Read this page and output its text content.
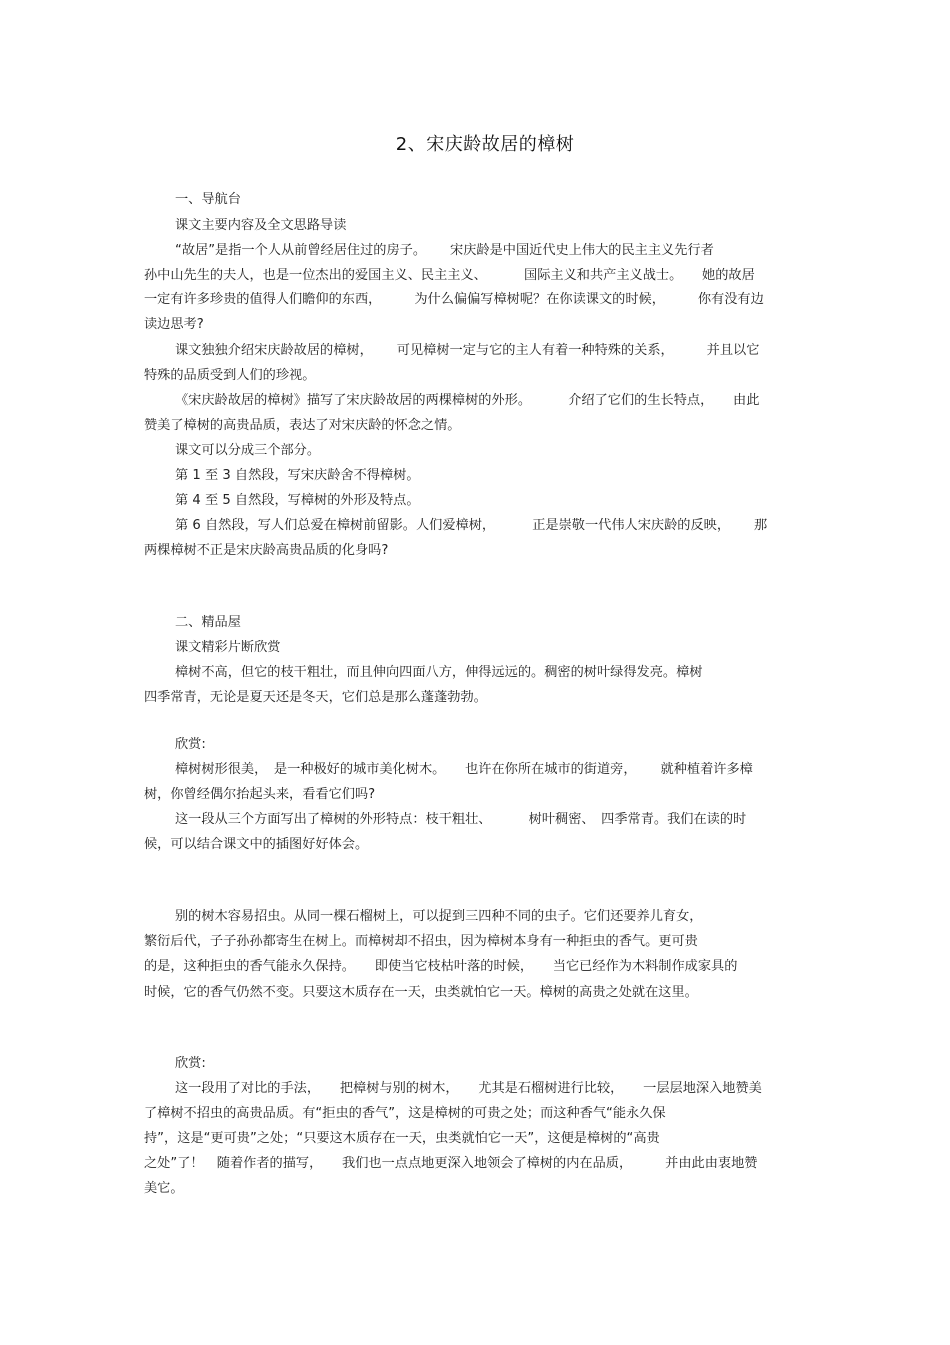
2、宋庆龄故居的樟树
一、导航台
课文主要内容及全文思路导读
“故居”是指一个人从前曾经居住过的房子。　　 宋庆龄是中国近代史上伟大的民主主义先行者
孙中山先生的夫人，也是一位杰出的爱国主义、民主主义、　　　 国际主义和共产主义战士。　　她的故居
一定有许多珍贵的值得人们瞻仰的东西，　　　为什么偏偏写樟树呢？在你读课文的时候，　　　你有没有边
读边思考?
课文独独介绍宋庆龄故居的樟树，　　 可见樟树一定与它的主人有着一种特殊的关系，　　　并且以它
特殊的品质受到人们的珍视。
《宋庆龄故居的樟树》描写了宋庆龄故居的两棵樟树的外形。　　　 介绍了它们的生长特点，　　由此
赞美了樟树的高贵品质，表达了对宋庆龄的怀念之情。
课文可以分成三个部分。
第 1 至 3 自然段，写宋庆龄舍不得樟树。
第 4 至 5 自然段，写樟树的外形及特点。
第 6 自然段，写人们总爱在樟树前留影。人们爱樟树，　　　 正是崇敬一代伟人宋庆龄的反映，　　 那
两棵樟树不正是宋庆龄高贵品质的化身吗?
二、精品屋
课文精彩片断欣赏
樟树不高，但它的枝干粗壮，而且伸向四面八方，伸得远远的。稠密的树叶绿得发亮。樟树
四季常青，无论是夏天还是冬天，它们总是那么蓬蓬勃勃。
欣赏:
樟树树形很美，　是一种极好的城市美化树木。　　也许在你所在城市的街道旁，　　 就种植着许多樟
树，你曾经偶尔抬起头来，看看它们吗?
这一段从三个方面写出了樟树的外形特点：枝干粗壮、　　　 树叶稠密、　四季常青。我们在读的时
候，可以结合课文中的插图好好体会。
别的树木容易招虫。从同一棵石榴树上，可以捉到三四种不同的虫子。它们还要养儿育女，
繁衍后代，子子孙孙都寄生在树上。而樟树却不招虫，因为樟树本身有一种拒虫的香气。更可贵
的是，这种拒虫的香气能永久保持。　　即使当它枝枯叶落的时候，　　当它已经作为木料制作成家具的
时候，它的香气仍然不变。只要这木质存在一天，虫类就怕它一天。樟树的高贵之处就在这里。
欣赏:
这一段用了对比的手法，　　把樟树与别的树木，　　尤其是石榴树进行比较，　　一层层地深入地赞美
了樟树不招虫的高贵品质。有“拒虫的香气”，这是樟树的可贵之处；而这种香气“能永久保
持”，这是“更可贵”之处；“只要这木质存在一天，虫类就怕它一天”，这便是樟树的“高贵
之处”了！　随着作者的描写，　　我们也一点点地更深入地领会了樟树的内在品质，　　　并由此由衷地赞
美它。
